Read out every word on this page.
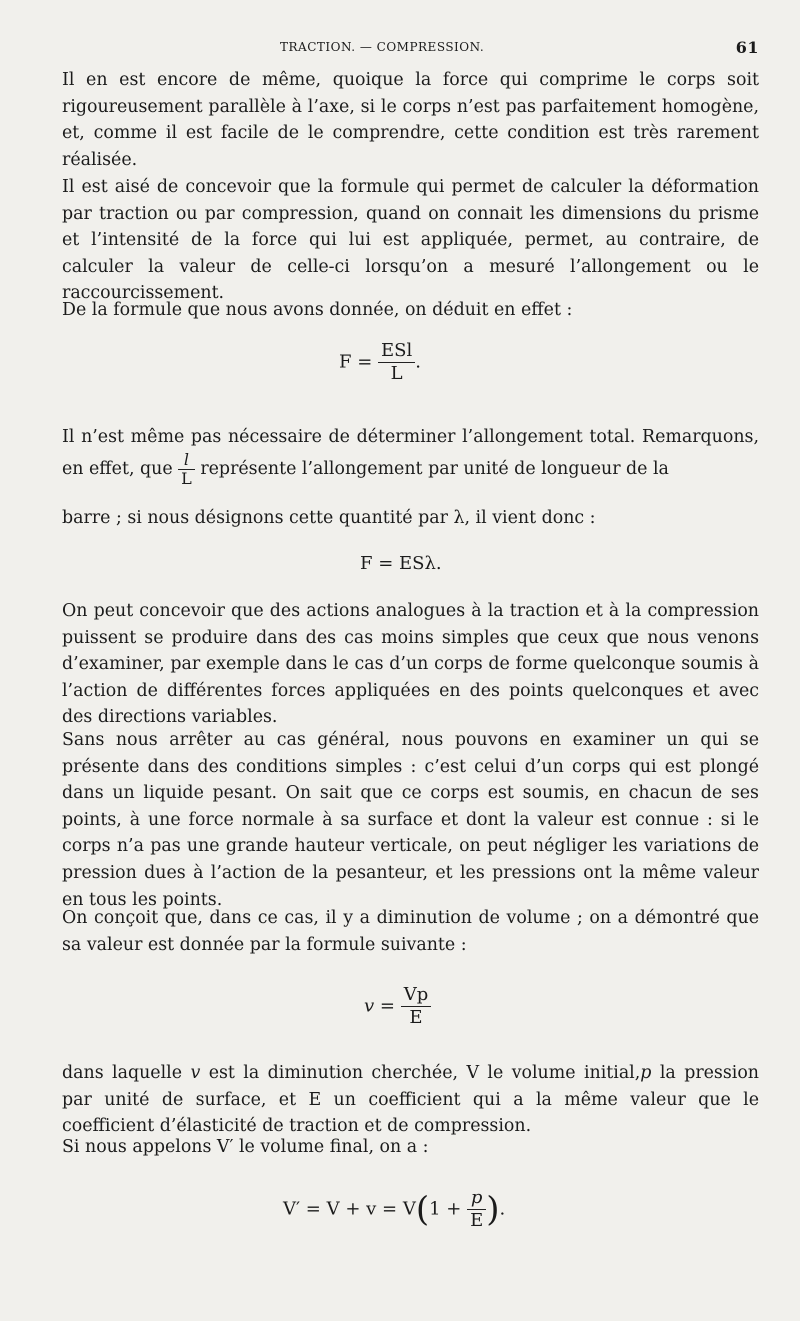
TRACTION. — COMPRESSION.	61

Il en est encore de même, quoique la force qui comprime le corps soit rigoureusement parallèle à l’axe, si le corps n’est pas parfaitement homogène, et, comme il est facile de le comprendre, cette condition est très rarement réalisée.

Il est aisé de concevoir que la formule qui permet de calculer la déformation par traction ou par compression, quand on connait les dimensions du prisme et l’intensité de la force qui lui est appliquée, permet, au contraire, de calculer la valeur de celle-ci lorsqu’on a mesuré l’allongement ou le raccourcissement.

De la formule que nous avons donnée, on déduit en effet :

$F = \frac{\text{ESl}}{L}$ .

Il n’est même pas nécessaire de déterminer l’allongement total. Remarquons, en effet, que $\frac{l}{L}$ représente l’allongement par unité de longueur de la

barre ; si nous désignons cette quantité par λ, il vient donc :

F = ESλ.

On peut concevoir que des actions analogues à la traction et à la compression puissent se produire dans des cas moins simples que ceux que nous venons d’examiner, par exemple dans le cas d’un corps de forme quelconque soumis à l’action de différentes forces appliquées en des points quelconques et avec des directions variables.

Sans nous arrêter au cas général, nous pouvons en examiner un qui se présente dans des conditions simples : c’est celui d’un corps qui est plongé dans un liquide pesant. On sait que ce corps est soumis, en chacun de ses points, à une force normale à sa surface et dont la valeur est connue : si le corps n’a pas une grande hauteur verticale, on peut négliger les variations de pression dues à l’action de la pesanteur, et les pressions ont la même valeur en tous les points.

On conçoit que, dans ce cas, il y a diminution de volume ; on a démontré que sa valeur est donnée par la formule suivante :

$v = \frac{Vp}{E}$

dans laquelle v est la diminution cherchée, V le volume initial,p la pression par unité de surface, et E un coefficient qui a la même valeur que le coefficient d’élasticité de traction et de compression.

Si nous appelons V′ le volume final, on a :

$V' = V + v = V(1 + \frac{p}{E}$ ).
